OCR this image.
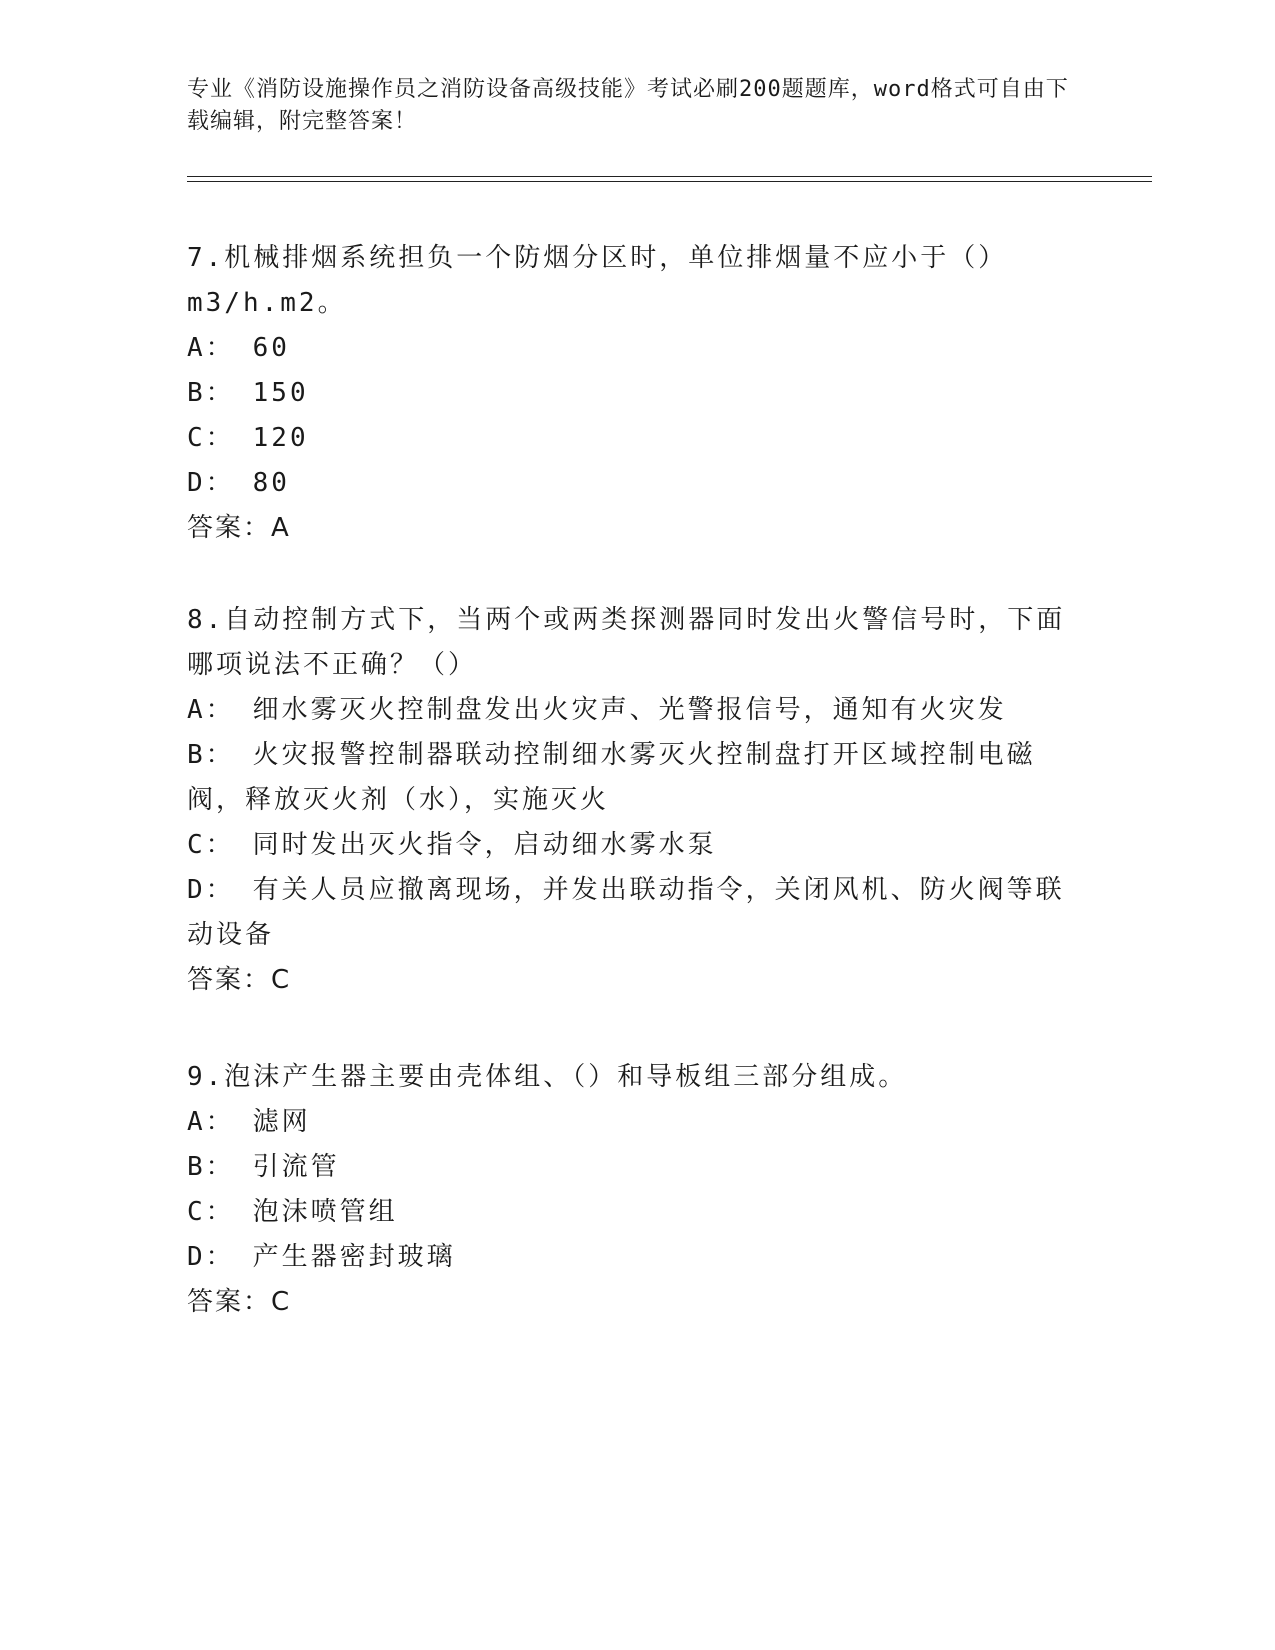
专业《消防设施操作员之消防设备高级技能》考试必刷200题题库，word格式可自由下载编辑，附完整答案！

7.机械排烟系统担负一个防烟分区时，单位排烟量不应小于（）m3/h.m2。

A： 60

B： 150

C： 120

D： 80

答案：A

8.自动控制方式下，当两个或两类探测器同时发出火警信号时，下面哪项说法不正确？（）

A： 细水雾灭火控制盘发出火灾声、光警报信号，通知有火灾发

B： 火灾报警控制器联动控制细水雾灭火控制盘打开区域控制电磁阀，释放灭火剂（水），实施灭火

C： 同时发出灭火指令，启动细水雾水泵

D： 有关人员应撤离现场，并发出联动指令，关闭风机、防火阀等联动设备

答案：C

9.泡沫产生器主要由壳体组、（）和导板组三部分组成。

A： 滤网

B： 引流管

C： 泡沫喷管组

D： 产生器密封玻璃

答案：C
